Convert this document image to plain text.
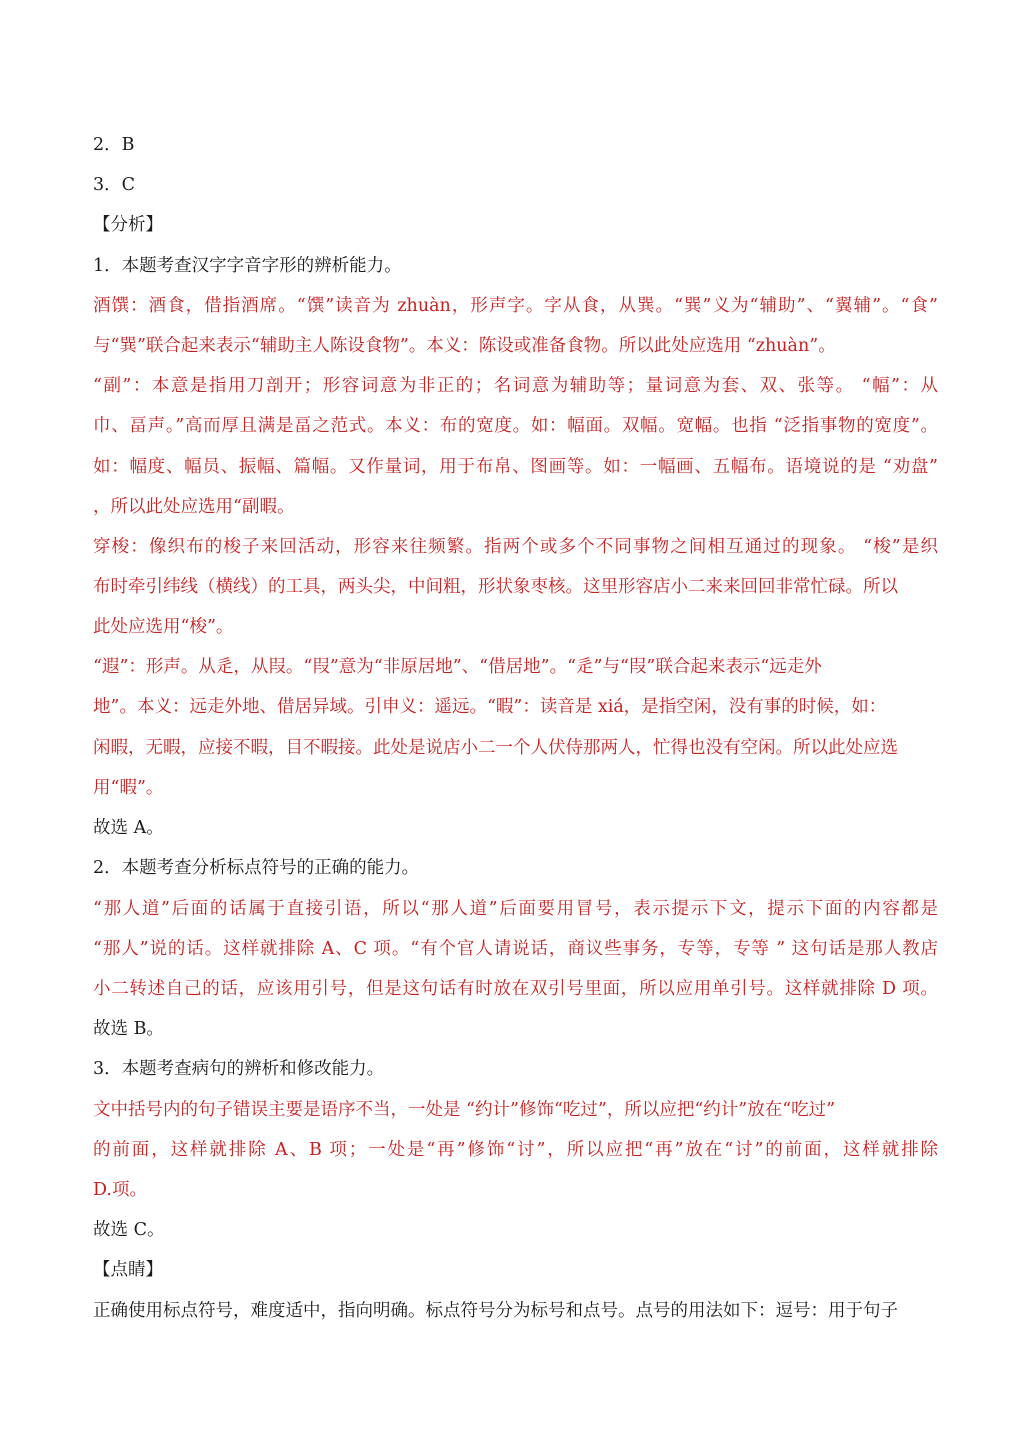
2．B
3．C
【分析】
1．本题考查汉字字音字形的辨析能力。
酒馔：酒食，借指酒席。“馔”读音为 zhuàn，形声字。字从食，从巽。“巽”义为“辅助”、“翼辅”。“食”
与“巽”联合起来表示“辅助主人陈设食物”。本义：陈设或准备食物。所以此处应选用 “zhuàn”。
“副”：本意是指用刀剖开；形容词意为非正的；名词意为辅助等；量词意为套、双、张等。 “幅”：从
巾、畐声。”高而厚且满是畐之范式。本义：布的宽度。如：幅面。双幅。宽幅。也指 “泛指事物的宽度”。
如：幅度、幅员、振幅、篇幅。又作量词，用于布帛、图画等。如：一幅画、五幅布。语境说的是 “劝盘”
，所以此处应选用“副暇。
穿梭：像织布的梭子来回活动，形容来往频繁。指两个或多个不同事物之间相互通过的现象。 “梭”是织
布时牵引纬线（横线）的工具，两头尖，中间粗，形状象枣核。这里形容店小二来来回回非常忙碌。所以
此处应选用“梭”。
“遐”：形声。从辵，从叚。“叚”意为“非原居地”、“借居地”。“辵”与“叚”联合起来表示“远走外
地”。本义：远走外地、借居异域。引申义：遥远。“暇”：读音是 xiá，是指空闲，没有事的时候，如：
闲暇，无暇，应接不暇，目不暇接。此处是说店小二一个人伏侍那两人，忙得也没有空闲。所以此处应选
用“暇”。
故选 A。
2．本题考查分析标点符号的正确的能力。
“那人道”后面的话属于直接引语，所以“那人道”后面要用冒号，表示提示下文，提示下面的内容都是
“那人”说的话。这样就排除 A、C 项。“有个官人请说话，商议些事务，专等，专等 ” 这句话是那人教店
小二转述自己的话，应该用引号，但是这句话有时放在双引号里面，所以应用单引号。这样就排除 D 项。
故选 B。
3．本题考查病句的辨析和修改能力。
文中括号内的句子错误主要是语序不当，一处是 “约计”修饰“吃过”，所以应把“约计”放在“吃过”
的前面，这样就排除 A、B 项；一处是“再”修饰“讨”，所以应把“再”放在“讨”的前面，这样就排除
D.项。
故选 C。
【点睛】
正确使用标点符号，难度适中，指向明确。标点符号分为标号和点号。点号的用法如下：逗号：用于句子
